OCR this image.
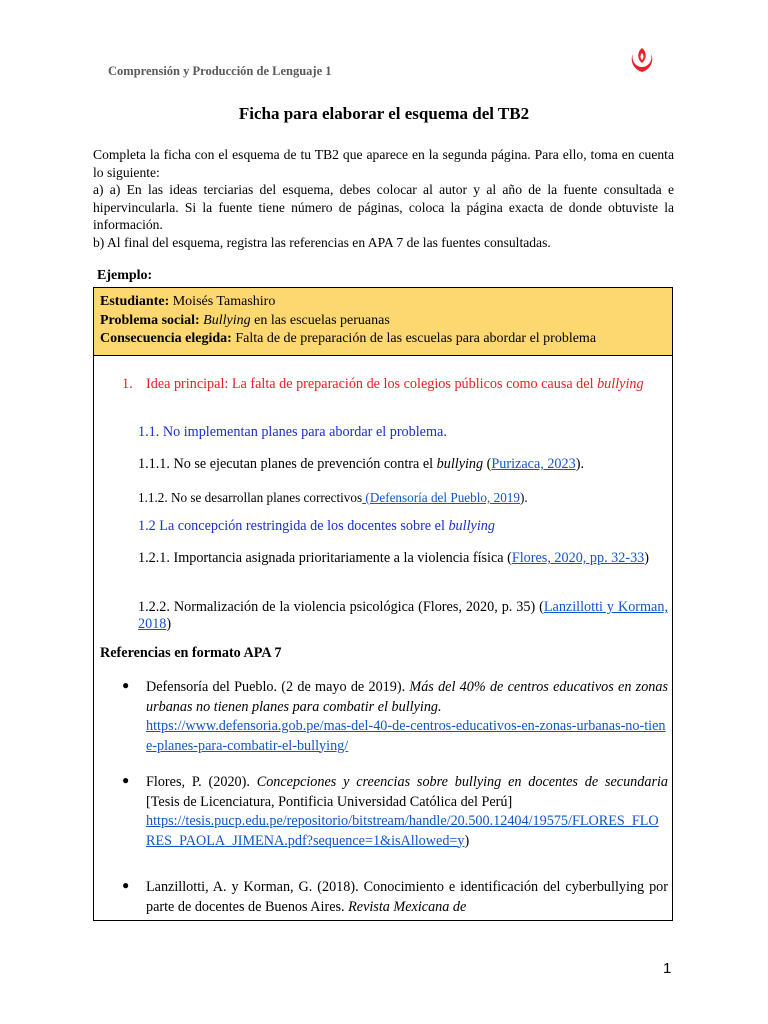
Comprensión y Producción de Lenguaje 1
Ficha para elaborar el esquema del TB2

Completa la ficha con el esquema de tu TB2 que aparece en la segunda página. Para ello, toma en cuenta lo siguiente:

a) a) En las ideas terciarias del esquema, debes colocar al autor y al año de la fuente consultada e hipervincularla. Si la fuente tiene número de páginas, coloca la página exacta de donde obtuviste la información.

b) Al final del esquema, registra las referencias en APA 7 de las fuentes consultadas.

Ejemplo:
Estudiante: Moisés Tamashiro
Problema social: Bullying en las escuelas peruanas
Consecuencia elegida: Falta de de preparación de las escuelas para abordar el problema
1. Idea principal: La falta de preparación de los colegios públicos como causa del bullying
1.1. No implementan planes para abordar el problema.
1.1.1. No se ejecutan planes de prevención contra el bullying (Purizaca, 2023).
1.1.2. No se desarrollan planes correctivos (Defensoría del Pueblo, 2019).
1.2 La concepción restringida de los docentes sobre el bullying
1.2.1. Importancia asignada prioritariamente a la violencia física (Flores, 2020, pp. 32-33)
1.2.2. Normalización de la violencia psicológica (Flores, 2020, p. 35) (Lanzillotti y Korman, 2018)
Referencias en formato APA 7
● Defensoría del Pueblo. (2 de mayo de 2019). Más del 40% de centros educativos en zonas urbanas no tienen planes para combatir el bullying.
https://www.defensoria.gob.pe/mas-del-40-de-centros-educativos-en-zonas-urbanas-no-tiene-planes-para-combatir-el-bullying/
● Flores, P. (2020). Concepciones y creencias sobre bullying en docentes de secundaria [Tesis de Licenciatura, Pontificia Universidad Católica del Perú]
https://tesis.pucp.edu.pe/repositorio/bitstream/handle/20.500.12404/19575/FLORES_FLORES_PAOLA_JIMENA.pdf?sequence=1&isAllowed=y)
● Lanzillotti, A. y Korman, G. (2018). Conocimiento e identificación del cyberbullying por parte de docentes de Buenos Aires. Revista Mexicana de
1
